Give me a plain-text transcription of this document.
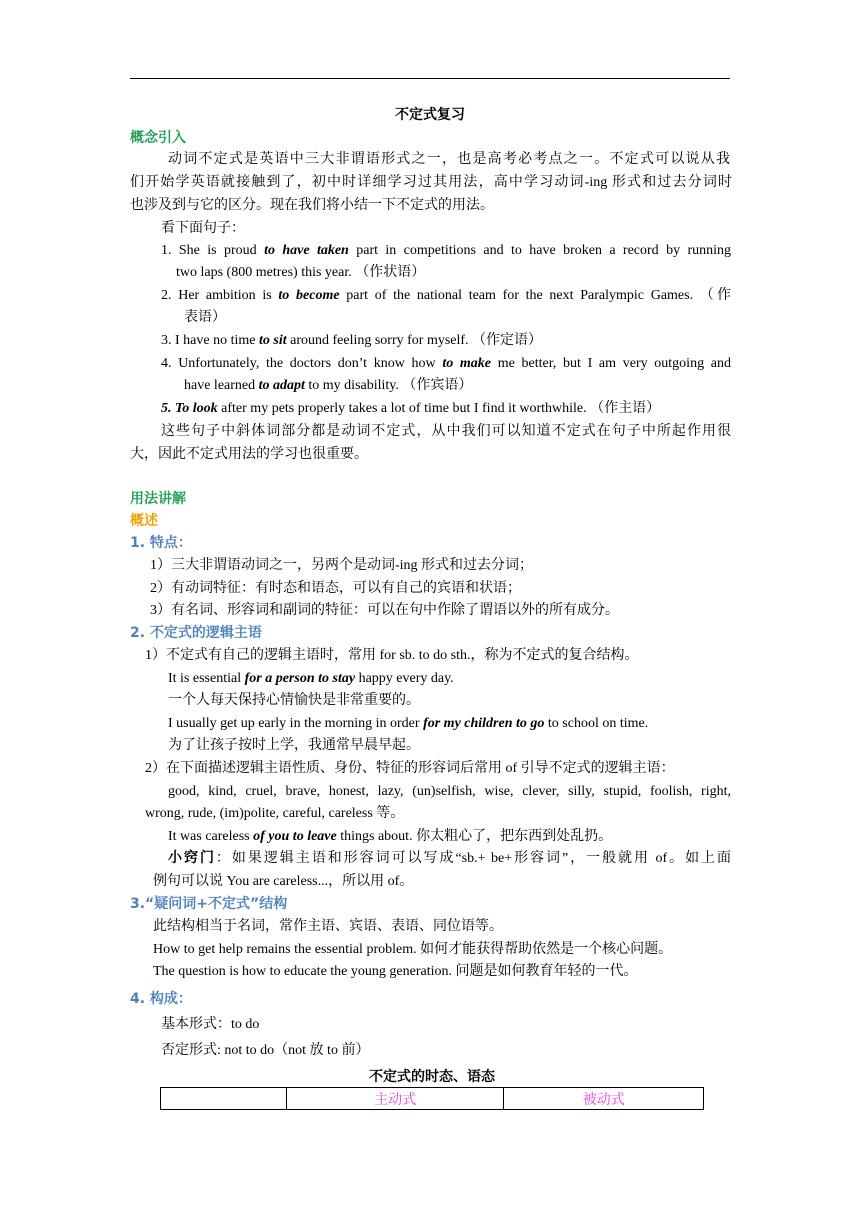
不定式复习
概念引入
动词不定式是英语中三大非谓语形式之一，也是高考必考点之一。不定式可以说从我
们开始学英语就接触到了，初中时详细学习过其用法，高中学习动词-ing 形式和过去分词时
也涉及到与它的区分。现在我们将小结一下不定式的用法。
看下面句子：
1. She is proud to have taken part in competitions and to have broken a record by running
two laps (800 metres) this year. （作状语）
2. Her ambition is to become part of the national team for the next Paralympic Games. （作
表语）
3. I have no time to sit around feeling sorry for myself. （作定语）
4. Unfortunately, the doctors don’t know how to make me better, but I am very outgoing and
have learned to adapt to my disability. （作宾语）
5. To look after my pets properly takes a lot of time but I find it worthwhile. （作主语）
这些句子中斜体词部分都是动词不定式，从中我们可以知道不定式在句子中所起作用很
大，因此不定式用法的学习也很重要。
用法讲解
概述
1. 特点：
1）三大非谓语动词之一，另两个是动词-ing 形式和过去分词；
2）有动词特征：有时态和语态，可以有自己的宾语和状语；
3）有名词、形容词和副词的特征：可以在句中作除了谓语以外的所有成分。
2. 不定式的逻辑主语
1）不定式有自己的逻辑主语时，常用 for sb. to do sth.，称为不定式的复合结构。
It is essential for a person to stay happy every day.
一个人每天保持心情愉快是非常重要的。
I usually get up early in the morning in order for my children to go to school on time.
为了让孩子按时上学，我通常早晨早起。
2）在下面描述逻辑主语性质、身份、特征的形容词后常用 of 引导不定式的逻辑主语：
good, kind, cruel, brave, honest, lazy, (un)selfish, wise, clever, silly, stupid, foolish, right,
wrong, rude, (im)polite, careful, careless 等。
It was careless of you to leave things about. 你太粗心了，把东西到处乱扔。
小窍门：如果逻辑主语和形容词可以写成“sb.+ be+形容词”，一般就用 of。如上面
例句可以说 You are careless...，所以用 of。
3.“疑问词+不定式”结构
此结构相当于名词，常作主语、宾语、表语、同位语等。
How to get help remains the essential problem. 如何才能获得帮助依然是一个核心问题。
The question is how to educate the young generation. 问题是如何教育年轻的一代。
4. 构成：
基本形式：to do
否定形式: not to do（not 放 to 前）
不定式的时态、语态
	主动式	被动式
